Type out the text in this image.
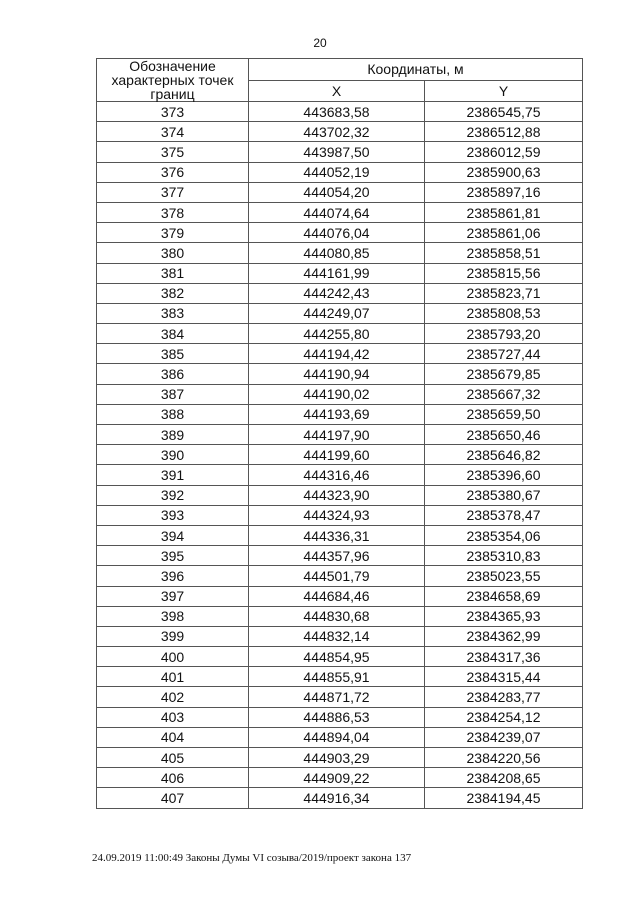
20
Обозначение характерных точек границ	Координаты, м	
	X	Y
373	443683,58	2386545,75
374	443702,32	2386512,88
375	443987,50	2386012,59
376	444052,19	2385900,63
377	444054,20	2385897,16
378	444074,64	2385861,81
379	444076,04	2385861,06
380	444080,85	2385858,51
381	444161,99	2385815,56
382	444242,43	2385823,71
383	444249,07	2385808,53
384	444255,80	2385793,20
385	444194,42	2385727,44
386	444190,94	2385679,85
387	444190,02	2385667,32
388	444193,69	2385659,50
389	444197,90	2385650,46
390	444199,60	2385646,82
391	444316,46	2385396,60
392	444323,90	2385380,67
393	444324,93	2385378,47
394	444336,31	2385354,06
395	444357,96	2385310,83
396	444501,79	2385023,55
397	444684,46	2384658,69
398	444830,68	2384365,93
399	444832,14	2384362,99
400	444854,95	2384317,36
401	444855,91	2384315,44
402	444871,72	2384283,77
403	444886,53	2384254,12
404	444894,04	2384239,07
405	444903,29	2384220,56
406	444909,22	2384208,65
407	444916,34	2384194,45
24.09.2019 11:00:49 Законы Думы VI созыва/2019/проект закона 137
